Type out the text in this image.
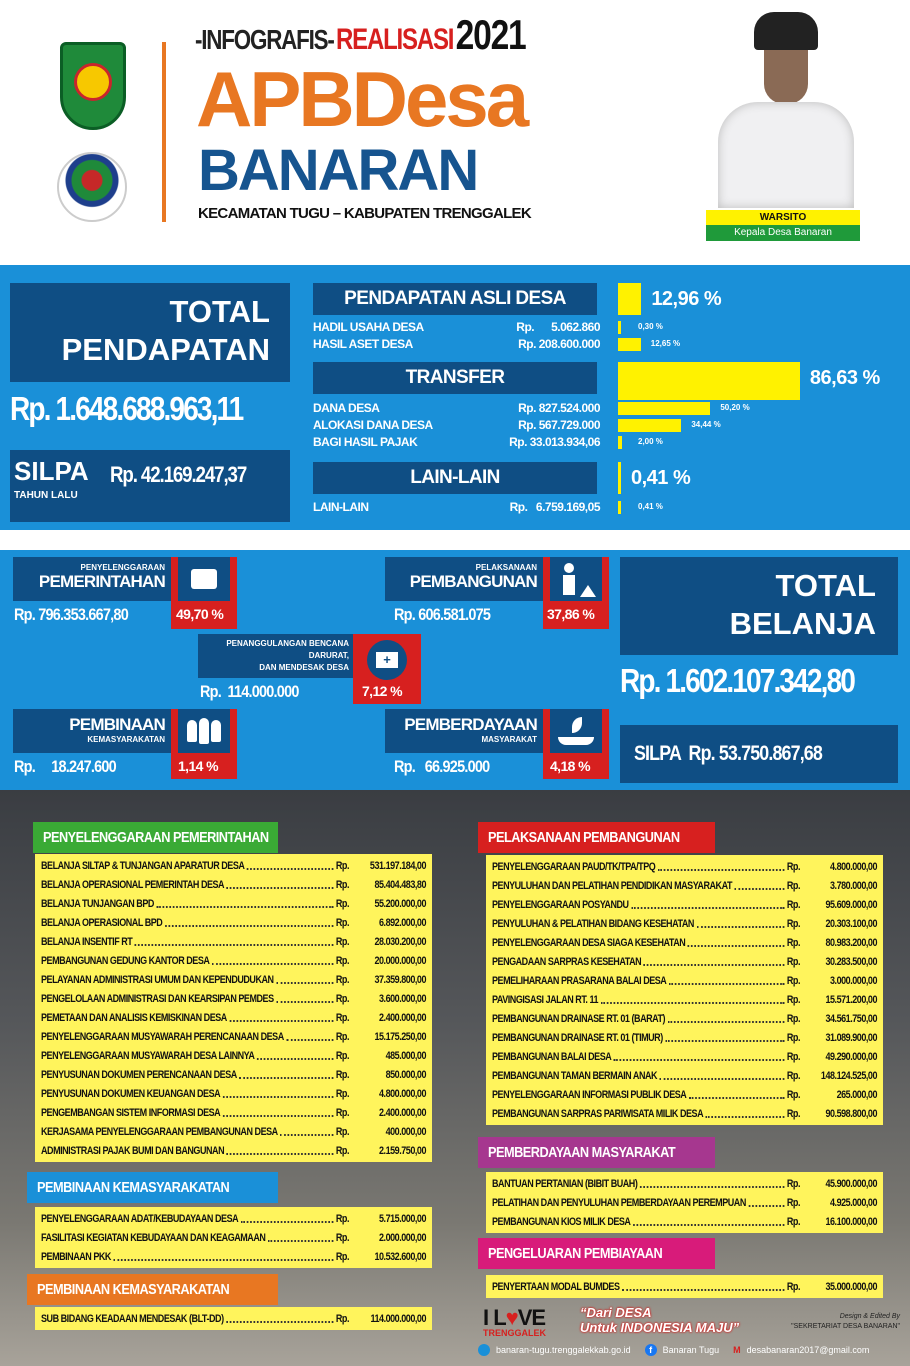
-INFOGRAFIS- REALISASI 2021
APBDesa
BANARAN
KECAMATAN TUGU – KABUPATEN TRENGGALEK	WARSITO
Kepala Desa Banaran
TOTAL
PENDAPATAN
Rp. 1.648.688.963,11
SILPA
TAHUN LALU
Rp. 42.169.247,37
PENDAPATAN ASLI DESA	12,96 %
HADIL USAHA DESA	Rp.      5.062.860	0,30 %
HASIL ASET DESA	Rp. 208.600.000	12,65 %
TRANSFER	86,63 %
DANA DESA	Rp. 827.524.000	50,20 %
ALOKASI DANA DESA	Rp. 567.729.000	34,44 %
BAGI HASIL PAJAK	Rp. 33.013.934,06	2,00 %
LAIN-LAIN	0,41 %
LAIN-LAIN	Rp.   6.759.169,05	0,41 %
PENYELENGGARAAN
PEMERINTAHAN
49,70 %
Rp. 796.353.667,80
PELAKSANAAN
PEMBANGUNAN
37,86 %
Rp. 606.581.075
PENANGGULANGAN BENCANA
DARURAT,
DAN MENDESAK DESA
+
7,12 %
Rp.  114.000.000
PEMBINAAN
KEMASYARAKATAN
1,14 %
Rp.     18.247.600
PEMBERDAYAAN
MASYARAKAT
4,18 %
Rp.   66.925.000
TOTAL
BELANJA
Rp. 1.602.107.342,80
SILPA  Rp. 53.750.867,68
PENYELENGGARAAN PEMERINTAHAN
BELANJA SILTAP & TUNJANGAN APARATUR DESA	Rp.	531.197.184,00
BELANJA OPERASIONAL PEMERINTAH DESA	Rp.	85.404.483,80
BELANJA TUNJANGAN BPD	Rp.	55.200.000,00
BELANJA OPERASIONAL BPD	Rp.	6.892.000,00
BELANJA INSENTIF RT	Rp.	28.030.200,00
PEMBANGUNAN GEDUNG KANTOR DESA	Rp.	20.000.000,00
PELAYANAN ADMINISTRASI UMUM DAN KEPENDUDUKAN	Rp.	37.359.800,00
PENGELOLAAN ADMINISTRASI DAN KEARSIPAN PEMDES	Rp.	3.600.000,00
PEMETAAN DAN ANALISIS KEMISKINAN DESA	Rp.	2.400.000,00
PENYELENGGARAAN MUSYAWARAH PERENCANAAN DESA	Rp.	15.175.250,00
PENYELENGGARAAN MUSYAWARAH DESA LAINNYA	Rp.	485.000,00
PENYUSUNAN DOKUMEN PERENCANAAN DESA	Rp.	850.000,00
PENYUSUNAN DOKUMEN KEUANGAN DESA	Rp.	4.800.000,00
PENGEMBANGAN SISTEM INFORMASI DESA	Rp.	2.400.000,00
KERJASAMA PENYELENGGARAAN PEMBANGUNAN DESA	Rp.	400.000,00
ADMINISTRASI PAJAK BUMI DAN BANGUNAN	Rp.	2.159.750,00
PEMBINAAN KEMASYARAKATAN
PENYELENGGARAAN ADAT/KEBUDAYAAN DESA	Rp.	5.715.000,00
FASILITASI KEGIATAN KEBUDAYAAN DAN KEAGAMAAN	Rp.	2.000.000,00
PEMBINAAN PKK	Rp.	10.532.600,00
PEMBINAAN KEMASYARAKATAN
SUB BIDANG KEADAAN MENDESAK (BLT-DD)	Rp.	114.000.000,00
PELAKSANAAN PEMBANGUNAN
PENYELENGGARAAN PAUD/TK/TPA/TPQ	Rp.	4.800.000,00
PENYULUHAN DAN PELATIHAN PENDIDIKAN MASYARAKAT	Rp.	3.780.000,00
PENYELENGGARAAN POSYANDU	Rp.	95.609.000,00
PENYULUHAN & PELATIHAN BIDANG KESEHATAN	Rp.	20.303.100,00
PENYELENGGARAAN DESA SIAGA KESEHATAN	Rp.	80.983.200,00
PENGADAAN SARPRAS KESEHATAN	Rp.	30.283.500,00
PEMELIHARAAN PRASARANA BALAI DESA	Rp.	3.000.000,00
PAVINGISASI JALAN RT. 11	Rp.	15.571.200,00
PEMBANGUNAN DRAINASE RT. 01 (BARAT)	Rp.	34.561.750,00
PEMBANGUNAN DRAINASE RT. 01 (TIMUR)	Rp.	31.089.900,00
PEMBANGUNAN BALAI DESA	Rp.	49.290.000,00
PEMBANGUNAN TAMAN BERMAIN ANAK	Rp.	148.124.525,00
PENYELENGGARAAN INFORMASI PUBLIK DESA	Rp.	265.000,00
PEMBANGUNAN SARPRAS PARIWISATA MILIK DESA	Rp.	90.598.800,00
PEMBERDAYAAN MASYARAKAT
BANTUAN PERTANIAN (BIBIT BUAH)	Rp.	45.900.000,00
PELATIHAN DAN PENYULUHAN PEMBERDAYAAN PEREMPUAN	Rp.	4.925.000,00
PEMBANGUNAN KIOS MILIK DESA	Rp.	16.100.000,00
PENGELUARAN PEMBIAYAAN
PENYERTAAN MODAL BUMDES	Rp.	35.000.000,00
I L♥VE
TRENGGALEK
“Dari DESA
Untuk INDONESIA MAJU”
Design & Edited By
"SEKRETARIAT DESA BANARAN"
banaran-tugu.trenggalekkab.go.id	f	Banaran Tugu M desabanaran2017@gmail.com
